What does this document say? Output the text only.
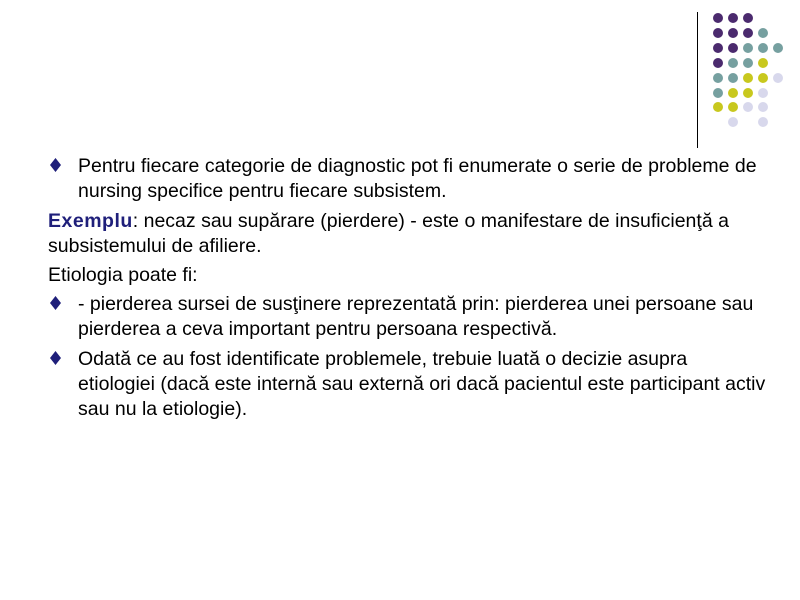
Pentru fiecare categorie de diagnostic pot fi enumerate o serie de probleme de nursing specifice pentru fiecare subsistem.
Exemplu: necaz sau supărare (pierdere) - este o manifestare de insuficienţă a subsistemului de afiliere.
Etiologia poate fi:
- pierderea sursei de susţinere reprezentată prin: pierderea unei persoane sau pierderea a ceva important pentru persoana respectivă.
Odată ce au fost identificate problemele, trebuie luată o decizie asupra etiologiei (dacă este internă sau externă ori dacă pacientul este participant activ sau nu la etiologie).
